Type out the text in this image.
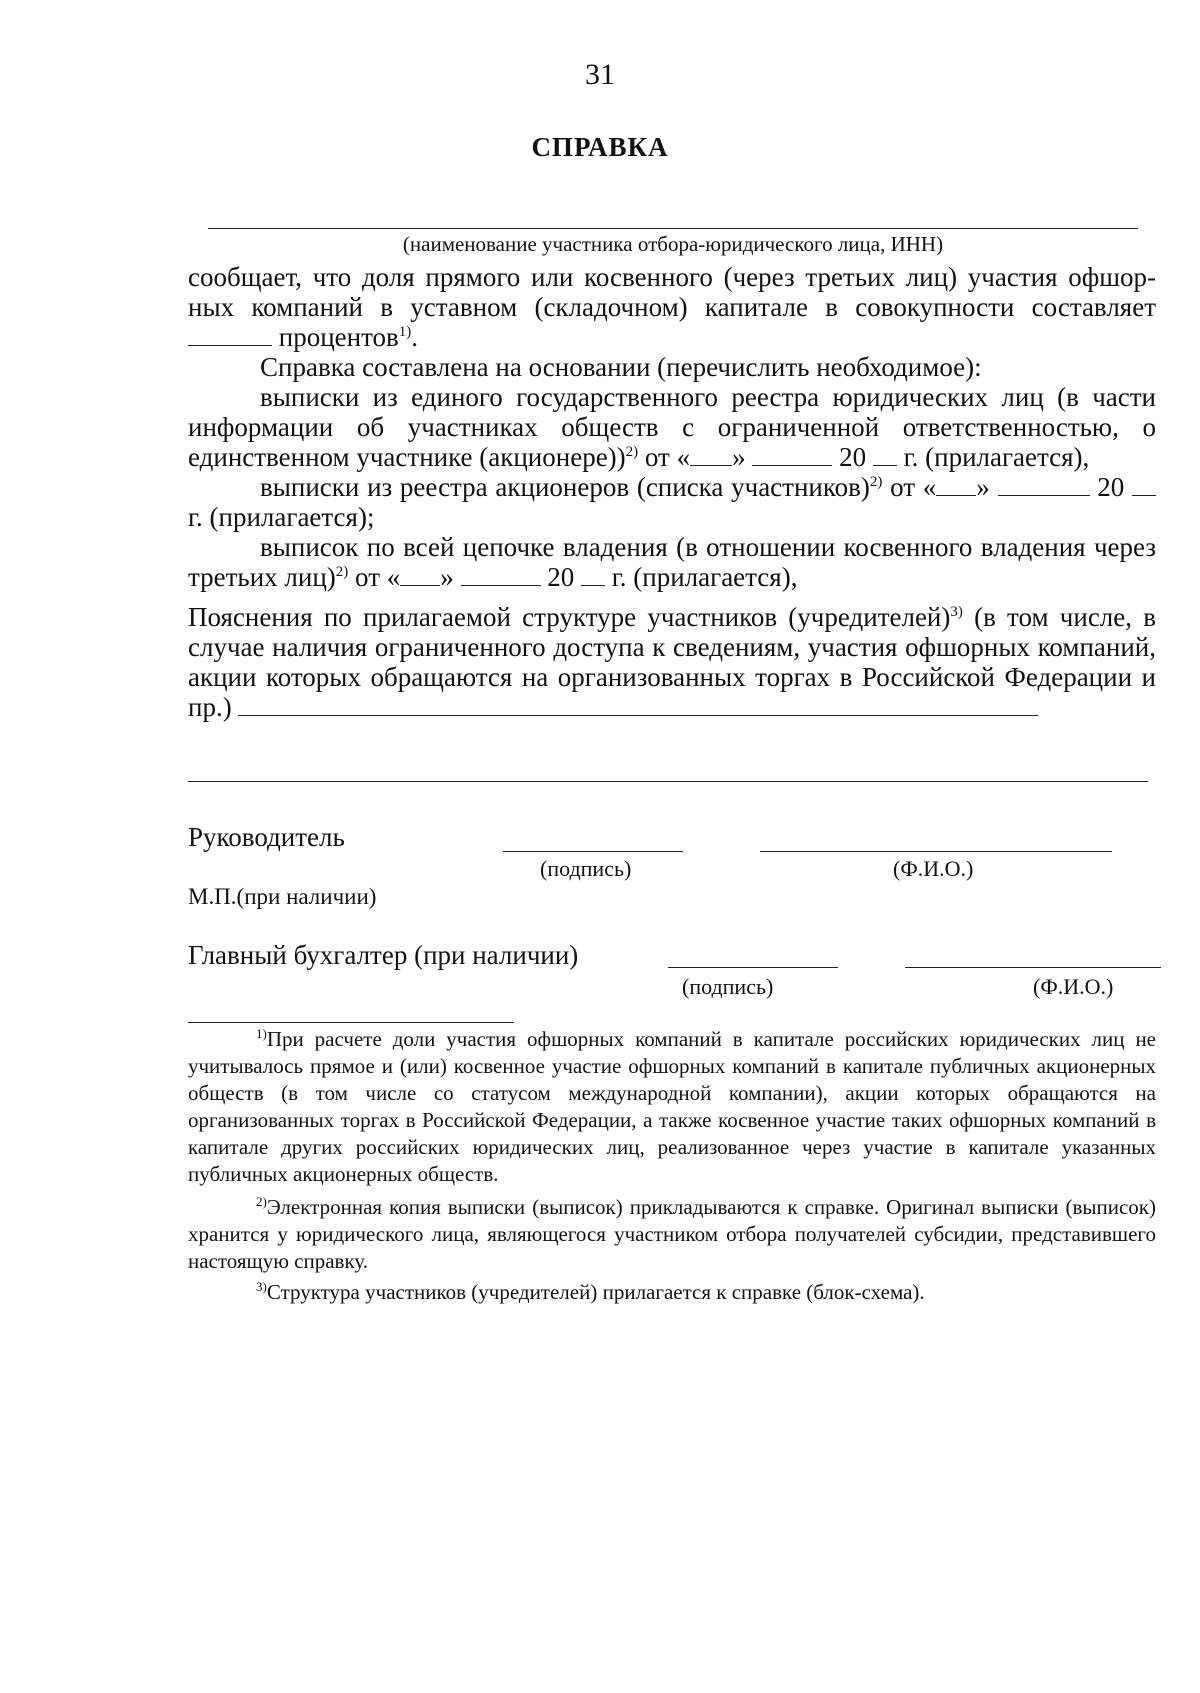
31
СПРАВКА
(наименование участника отбора-юридического лица, ИНН)

сообщает, что доля прямого или косвенного (через третьих лиц) участия офшор-

ных компаний в уставном (складочном) капитале в совокупности составляет

процентов$^{1)}$.

Справка составлена на основании (перечислить необходимое):

выписки из единого государственного реестра юридических лиц (в части информации об участниках обществ с ограниченной ответственностью, о единственном участнике (акционере))$^{2)}$ от « »	20 г. (прилагается),

выписки из реестра акционеров (списка участников)$^{2)}$ от « »	20  г. (прилагается);

выписок по всей цепочке владения (в отношении косвенного владения через третьих лиц)$^{2)}$ от « »	20 г. (прилагается),

Пояснения по прилагаемой структуре участников (учредителей)$^{3)}$ (в том числе, в случае наличия ограниченного доступа к сведениям, участия офшорных компаний, акции которых обращаются на организованных торгах в Российской Федерации и пр.)

Руководитель
(подпись)	(Ф.И.О.)
М.П.(при наличии)
Главный бухгалтер (при наличии)
(подпись)	(Ф.И.О.)

$^{1)}$При расчете доли участия офшорных компаний в капитале российских юридических лиц не учитывалось прямое и (или) косвенное участие офшорных компаний в капитале публичных акционерных обществ (в том числе со статусом международной компании), акции которых обращаются на организованных торгах в Российской Федерации, а также косвенное участие таких офшорных компаний в капитале других российских юридических лиц, реализованное через участие в капитале указанных публичных акционерных обществ.

$^{2)}$Электронная копия выписки (выписок) прикладываются к справке. Оригинал выписки (выписок) хранится у юридического лица, являющегося участником отбора получателей субсидии, представившего настоящую справку.

$^{3)}$Структура участников (учредителей) прилагается к справке (блок-схема).
